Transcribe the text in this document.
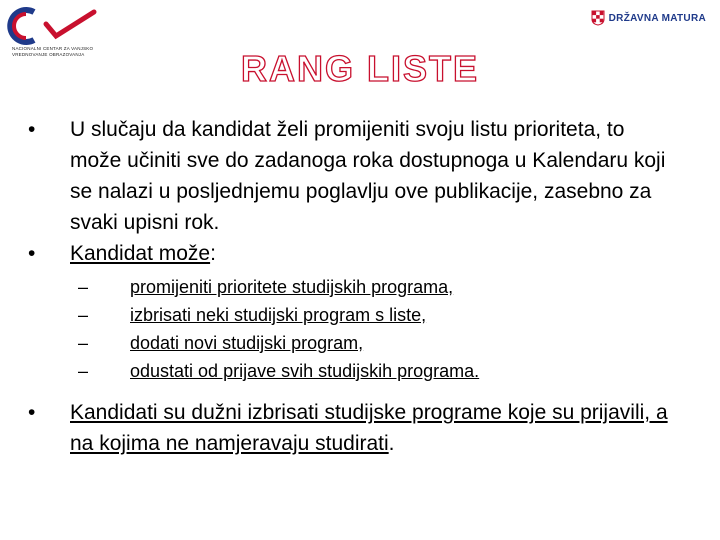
NACIONALNI CENTAR ZA VANJSKO VREDNOVANJE OBRAZOVANJA
DRŽAVNA MATURA
RANG LISTE
• U slučaju da kandidat želi promijeniti svoju listu prioriteta, to može učiniti sve do zadanoga roka dostupnoga u Kalendaru koji se nalazi u posljednjemu poglavlju ove publikacije, zasebno za svaki upisni rok.
• Kandidat može:
– promijeniti prioritete studijskih programa,
– izbrisati neki studijski program s liste,
– dodati novi studijski program,
– odustati od prijave svih studijskih programa.
• Kandidati su dužni izbrisati studijske programe koje su prijavili, a na kojima ne namjeravaju studirati.
